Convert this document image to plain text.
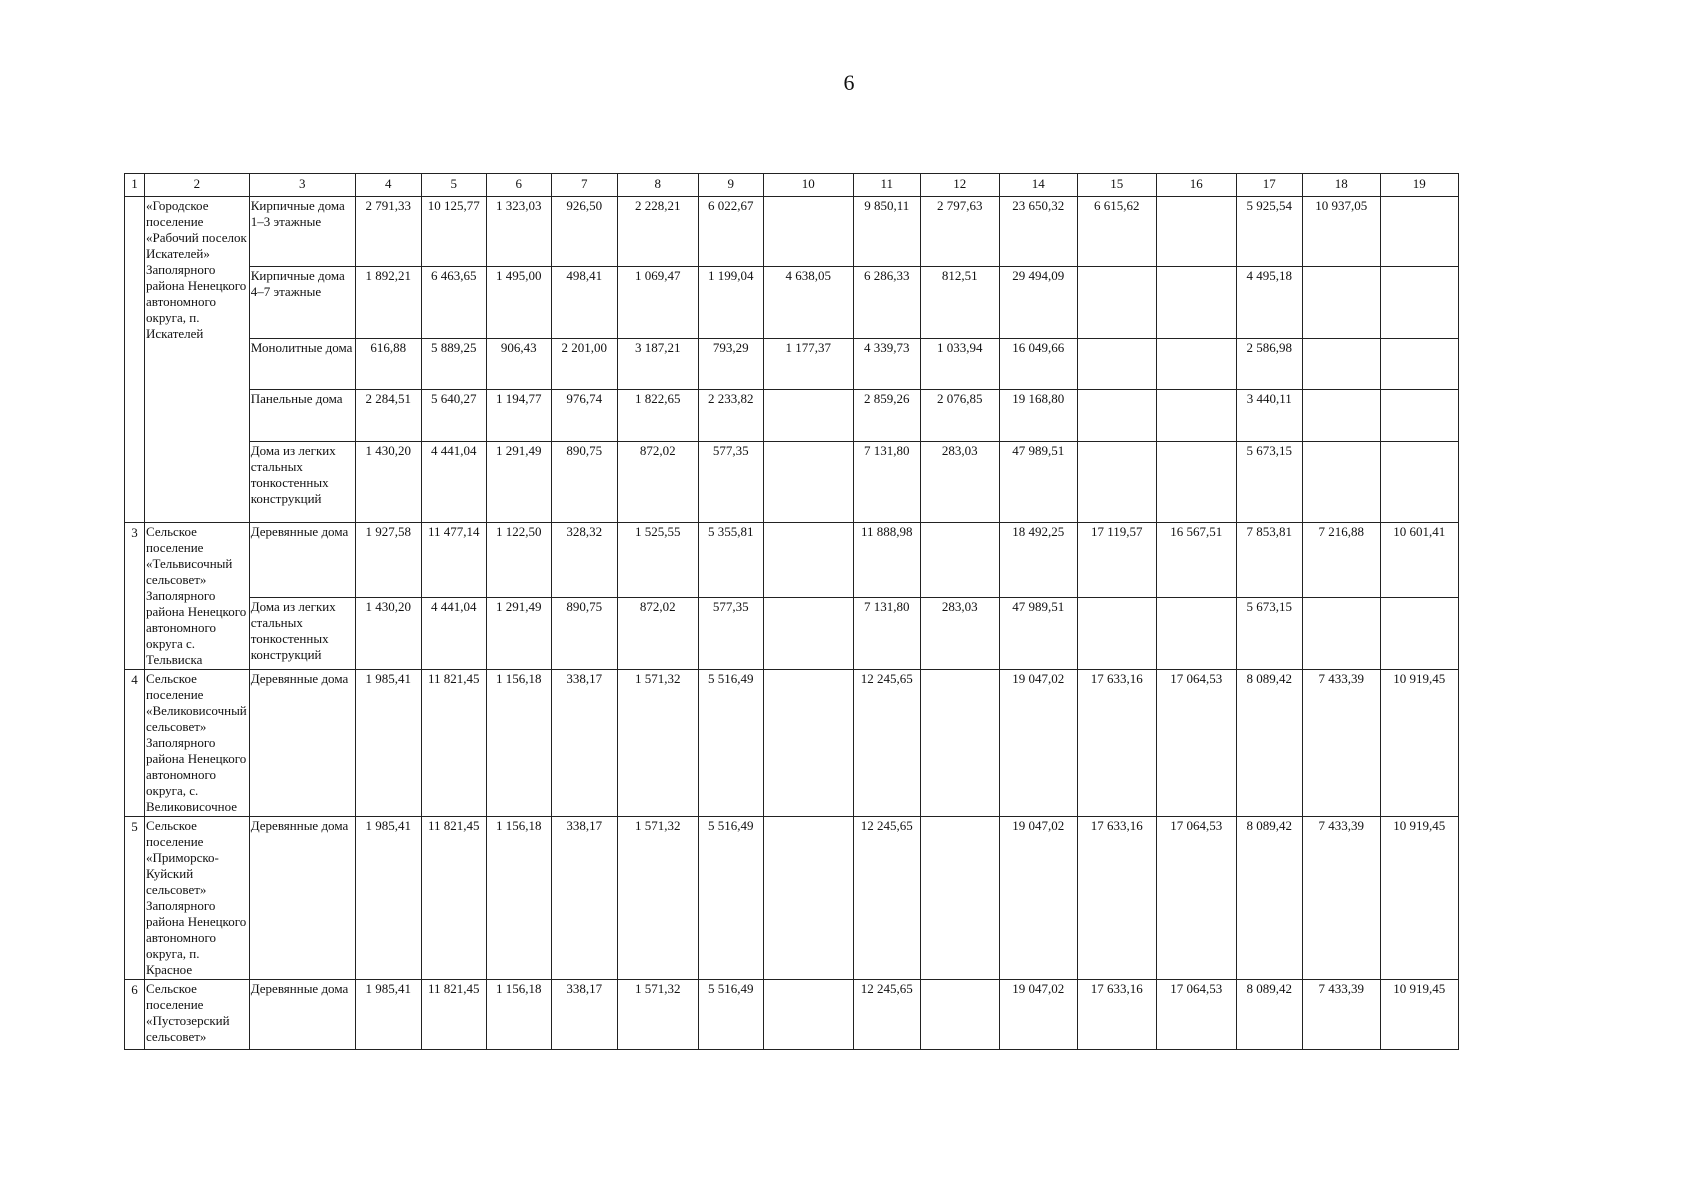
6
1	2	3	4	5	6	7	8	9	10	11	12	14	15	16	17	18	19
	«Городское поселение «Рабочий поселок Искателей» Заполярного района Ненецкого автономного округа, п. Искателей	Кирпичные дома 1–3 этажные	2 791,33	10 125,77	1 323,03	926,50	2 228,21	6 022,67		9 850,11	2 797,63	23 650,32	6 615,62		5 925,54	10 937,05	
		Кирпичные дома 4–7 этажные	1 892,21	6 463,65	1 495,00	498,41	1 069,47	1 199,04	4 638,05	6 286,33	812,51	29 494,09			4 495,18		
		Монолитные дома	616,88	5 889,25	906,43	2 201,00	3 187,21	793,29	1 177,37	4 339,73	1 033,94	16 049,66			2 586,98		
		Панельные дома	2 284,51	5 640,27	1 194,77	976,74	1 822,65	2 233,82		2 859,26	2 076,85	19 168,80			3 440,11		
		Дома из легких стальных тонкостенных конструкций	1 430,20	4 441,04	1 291,49	890,75	872,02	577,35		7 131,80	283,03	47 989,51			5 673,15		
3	Сельское поселение «Тельвисочный сельсовет» Заполярного района Ненецкого автономного округа с. Тельвиска	Деревянные дома	1 927,58	11 477,14	1 122,50	328,32	1 525,55	5 355,81		11 888,98		18 492,25	17 119,57	16 567,51	7 853,81	7 216,88	10 601,41
		Дома из легких стальных тонкостенных конструкций	1 430,20	4 441,04	1 291,49	890,75	872,02	577,35		7 131,80	283,03	47 989,51			5 673,15		
4	Сельское поселение «Великовисочный сельсовет» Заполярного района Ненецкого автономного округа, с. Великовисочное	Деревянные дома	1 985,41	11 821,45	1 156,18	338,17	1 571,32	5 516,49		12 245,65		19 047,02	17 633,16	17 064,53	8 089,42	7 433,39	10 919,45
5	Сельское поселение «Приморско-Куйский сельсовет» Заполярного района Ненецкого автономного округа, п. Красное	Деревянные дома	1 985,41	11 821,45	1 156,18	338,17	1 571,32	5 516,49		12 245,65		19 047,02	17 633,16	17 064,53	8 089,42	7 433,39	10 919,45
6	Сельское поселение «Пустозерский сельсовет»	Деревянные дома	1 985,41	11 821,45	1 156,18	338,17	1 571,32	5 516,49		12 245,65		19 047,02	17 633,16	17 064,53	8 089,42	7 433,39	10 919,45
